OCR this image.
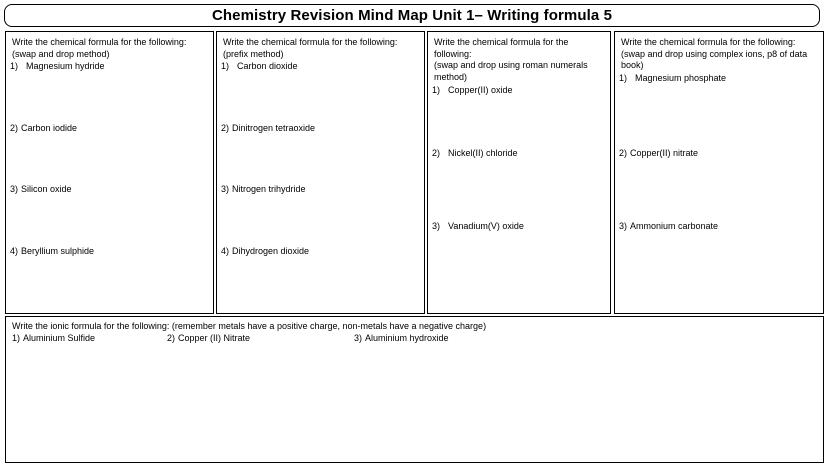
Chemistry Revision Mind Map Unit 1– Writing formula 5
Write the chemical formula for the following:
(swap and drop method)
1) Magnesium hydride
2) Carbon iodide
3) Silicon oxide
4) Beryllium sulphide
Write the chemical formula for the following:
(prefix method)
1) Carbon dioxide
2) Dinitrogen tetraoxide
3) Nitrogen trihydride
4) Dihydrogen dioxide
Write the chemical formula for the
following:
(swap and drop using roman numerals
method)
1) Copper(II) oxide
2) Nickel(II) chloride
3) Vanadium(V) oxide
Write the chemical formula for the following:
(swap and drop using complex ions, p8 of data
book)
1) Magnesium phosphate
2) Copper(II) nitrate
3) Ammonium carbonate
Write the ionic formula for the following: (remember metals have a positive charge, non-metals have a negative charge)
1) Aluminium Sulfide	2) Copper (II) Nitrate	3) Aluminium hydroxide
